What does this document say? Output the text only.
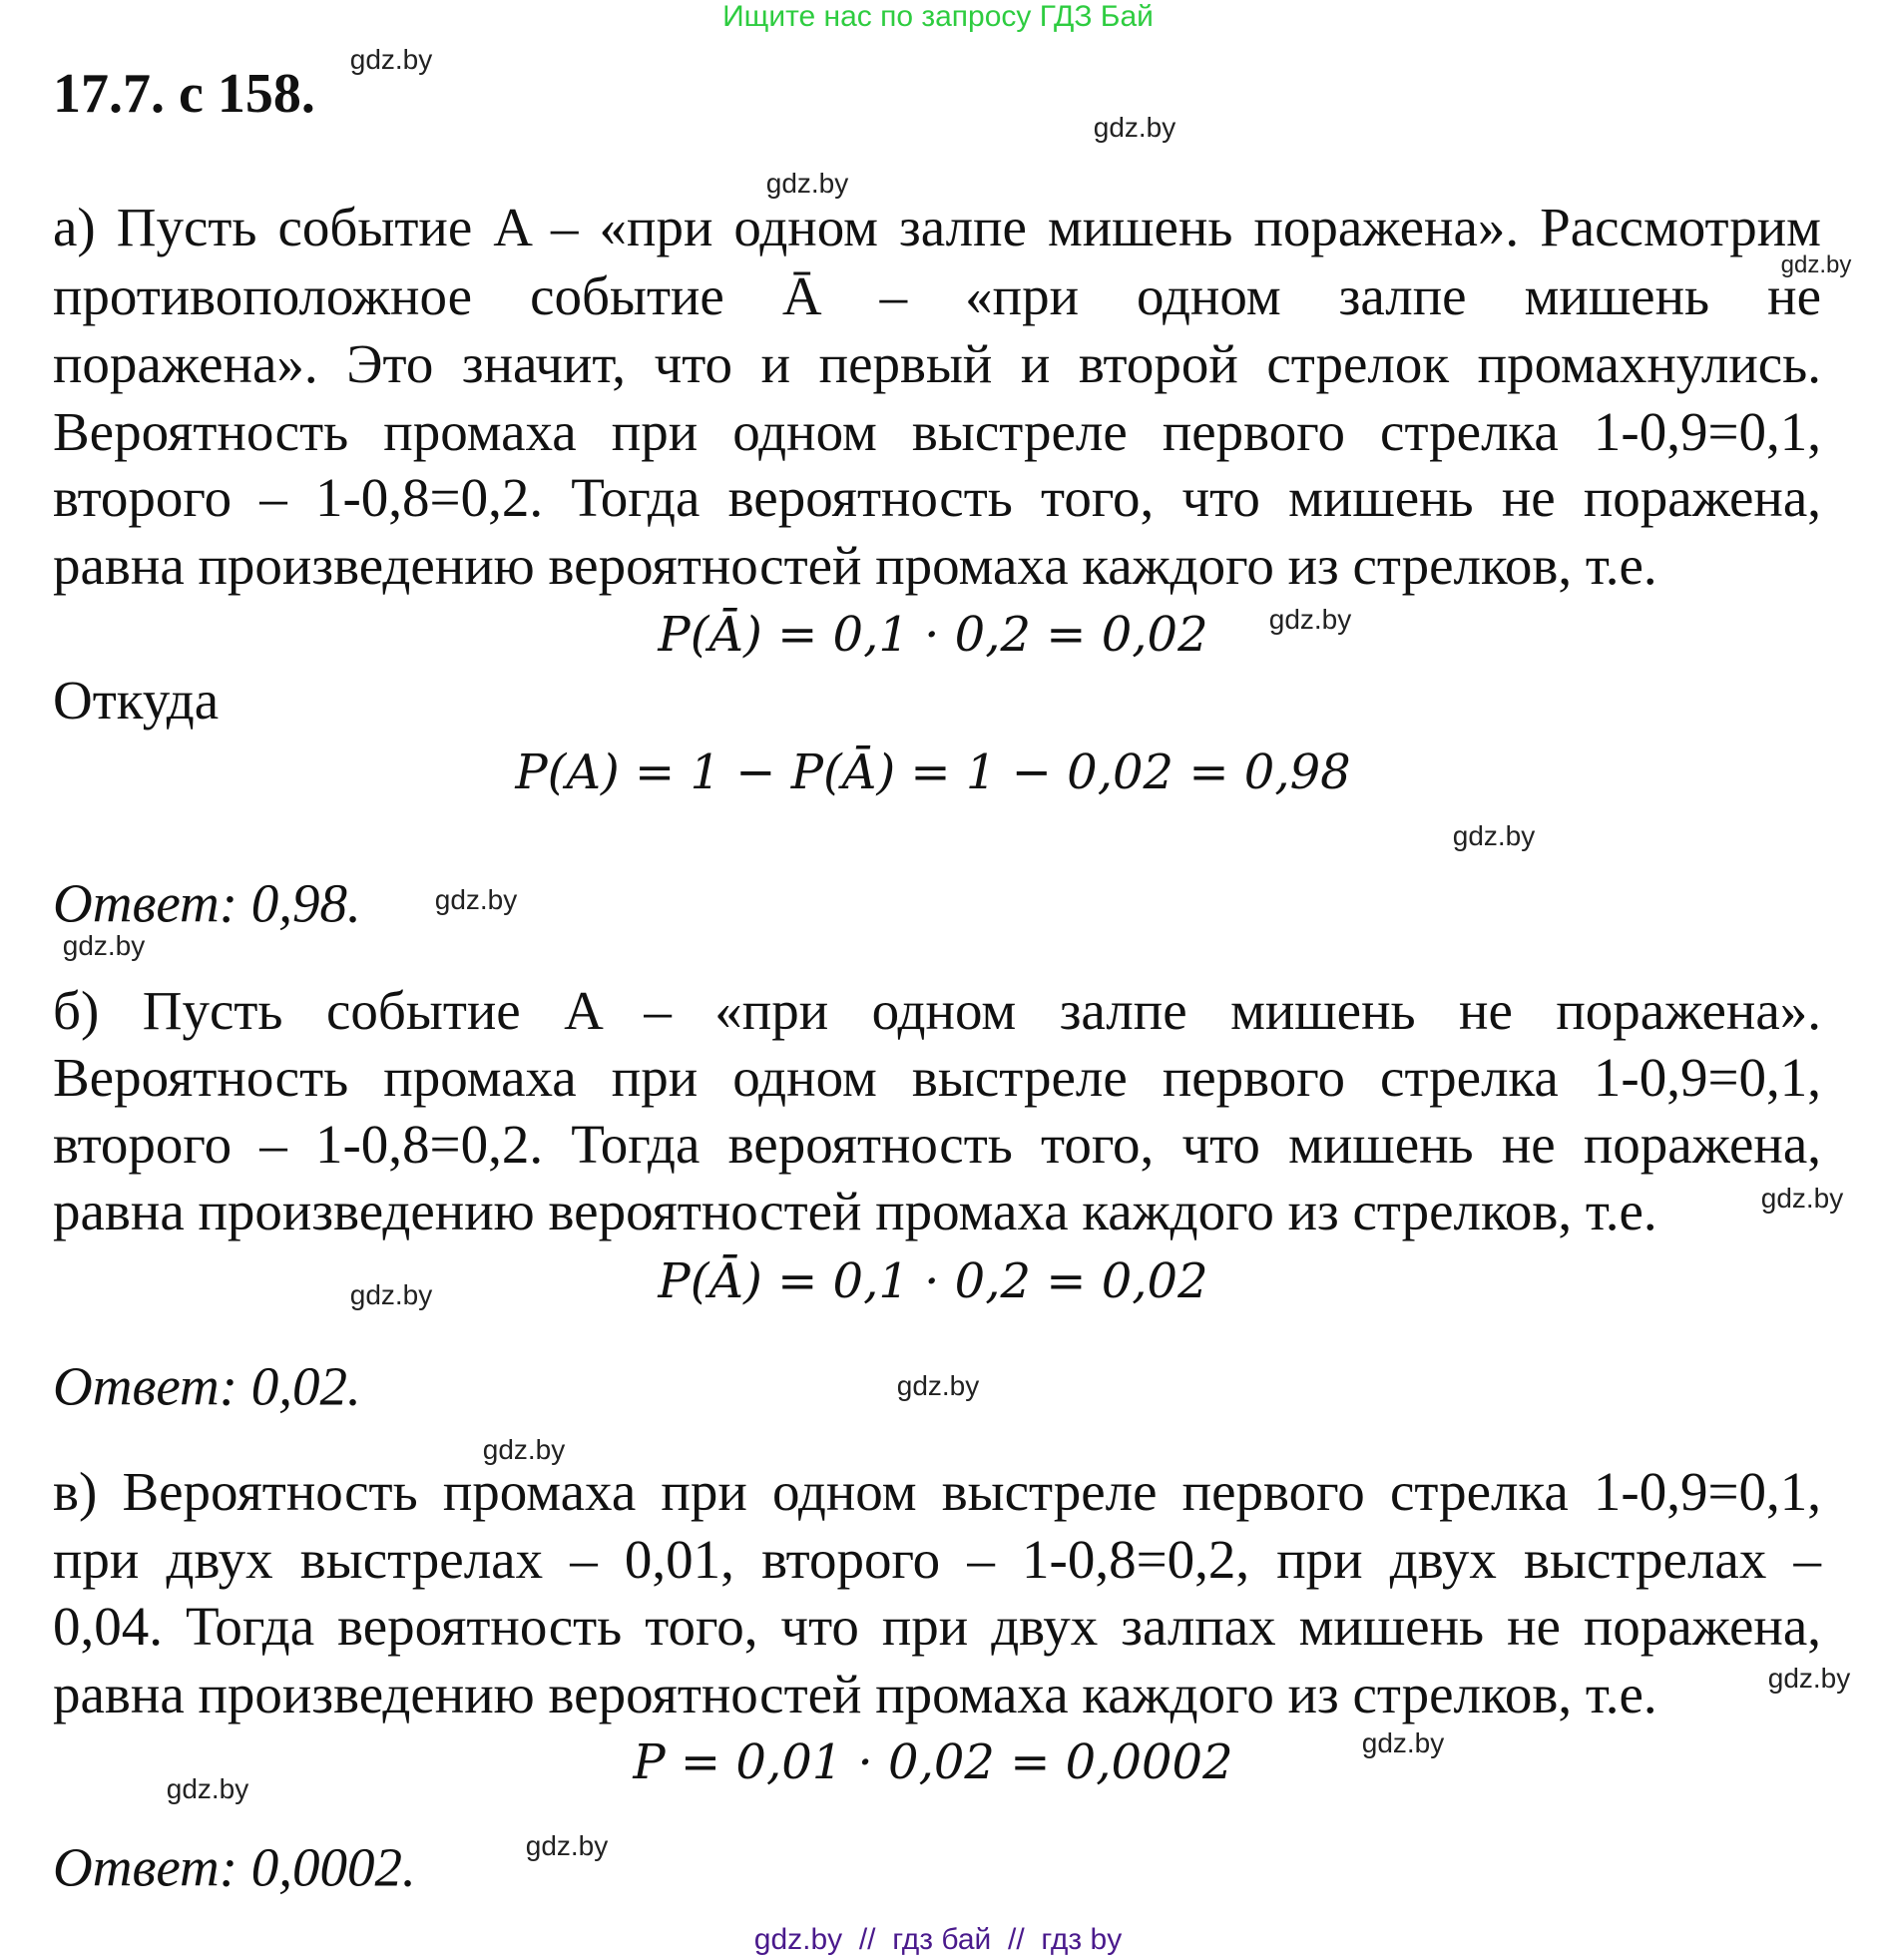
Ищите нас по запросу ГДЗ Бай
17.7. с 158.
а) Пусть событие A – «при одном залпе мишень поражена». Рассмотрим
противоположное событие Ā – «при одном залпе мишень не
поражена». Это значит, что и первый и второй стрелок промахнулись.
Вероятность промаха при одном выстреле первого стрелка 1-0,9=0,1,
второго – 1-0,8=0,2. Тогда вероятность того, что мишень не поражена,
равна произведению вероятностей промаха каждого из стрелков, т.е.
P(Ā) = 0,1 · 0,2 = 0,02
Откуда
P(A) = 1 − P(Ā) = 1 − 0,02 = 0,98
Ответ: 0,98.
б) Пусть событие A – «при одном залпе мишень не поражена».
Вероятность промаха при одном выстреле первого стрелка 1-0,9=0,1,
второго – 1-0,8=0,2. Тогда вероятность того, что мишень не поражена,
равна произведению вероятностей промаха каждого из стрелков, т.е.
P(Ā) = 0,1 · 0,2 = 0,02
Ответ: 0,02.
в) Вероятность промаха при одном выстреле первого стрелка 1-0,9=0,1,
при двух выстрелах – 0,01, второго – 1-0,8=0,2, при двух выстрелах –
0,04. Тогда вероятность того, что при двух залпах мишень не поражена,
равна произведению вероятностей промаха каждого из стрелков, т.е.
P = 0,01 · 0,02 = 0,0002
Ответ: 0,0002.
gdz.by
gdz.by
gdz.by
gdz.by
gdz.by
gdz.by
gdz.by
gdz.by
gdz.by
gdz.by
gdz.by
gdz.by
gdz.by
gdz.by
gdz.by
gdz.by
gdz.by  //  гдз бай  //  гдз by
